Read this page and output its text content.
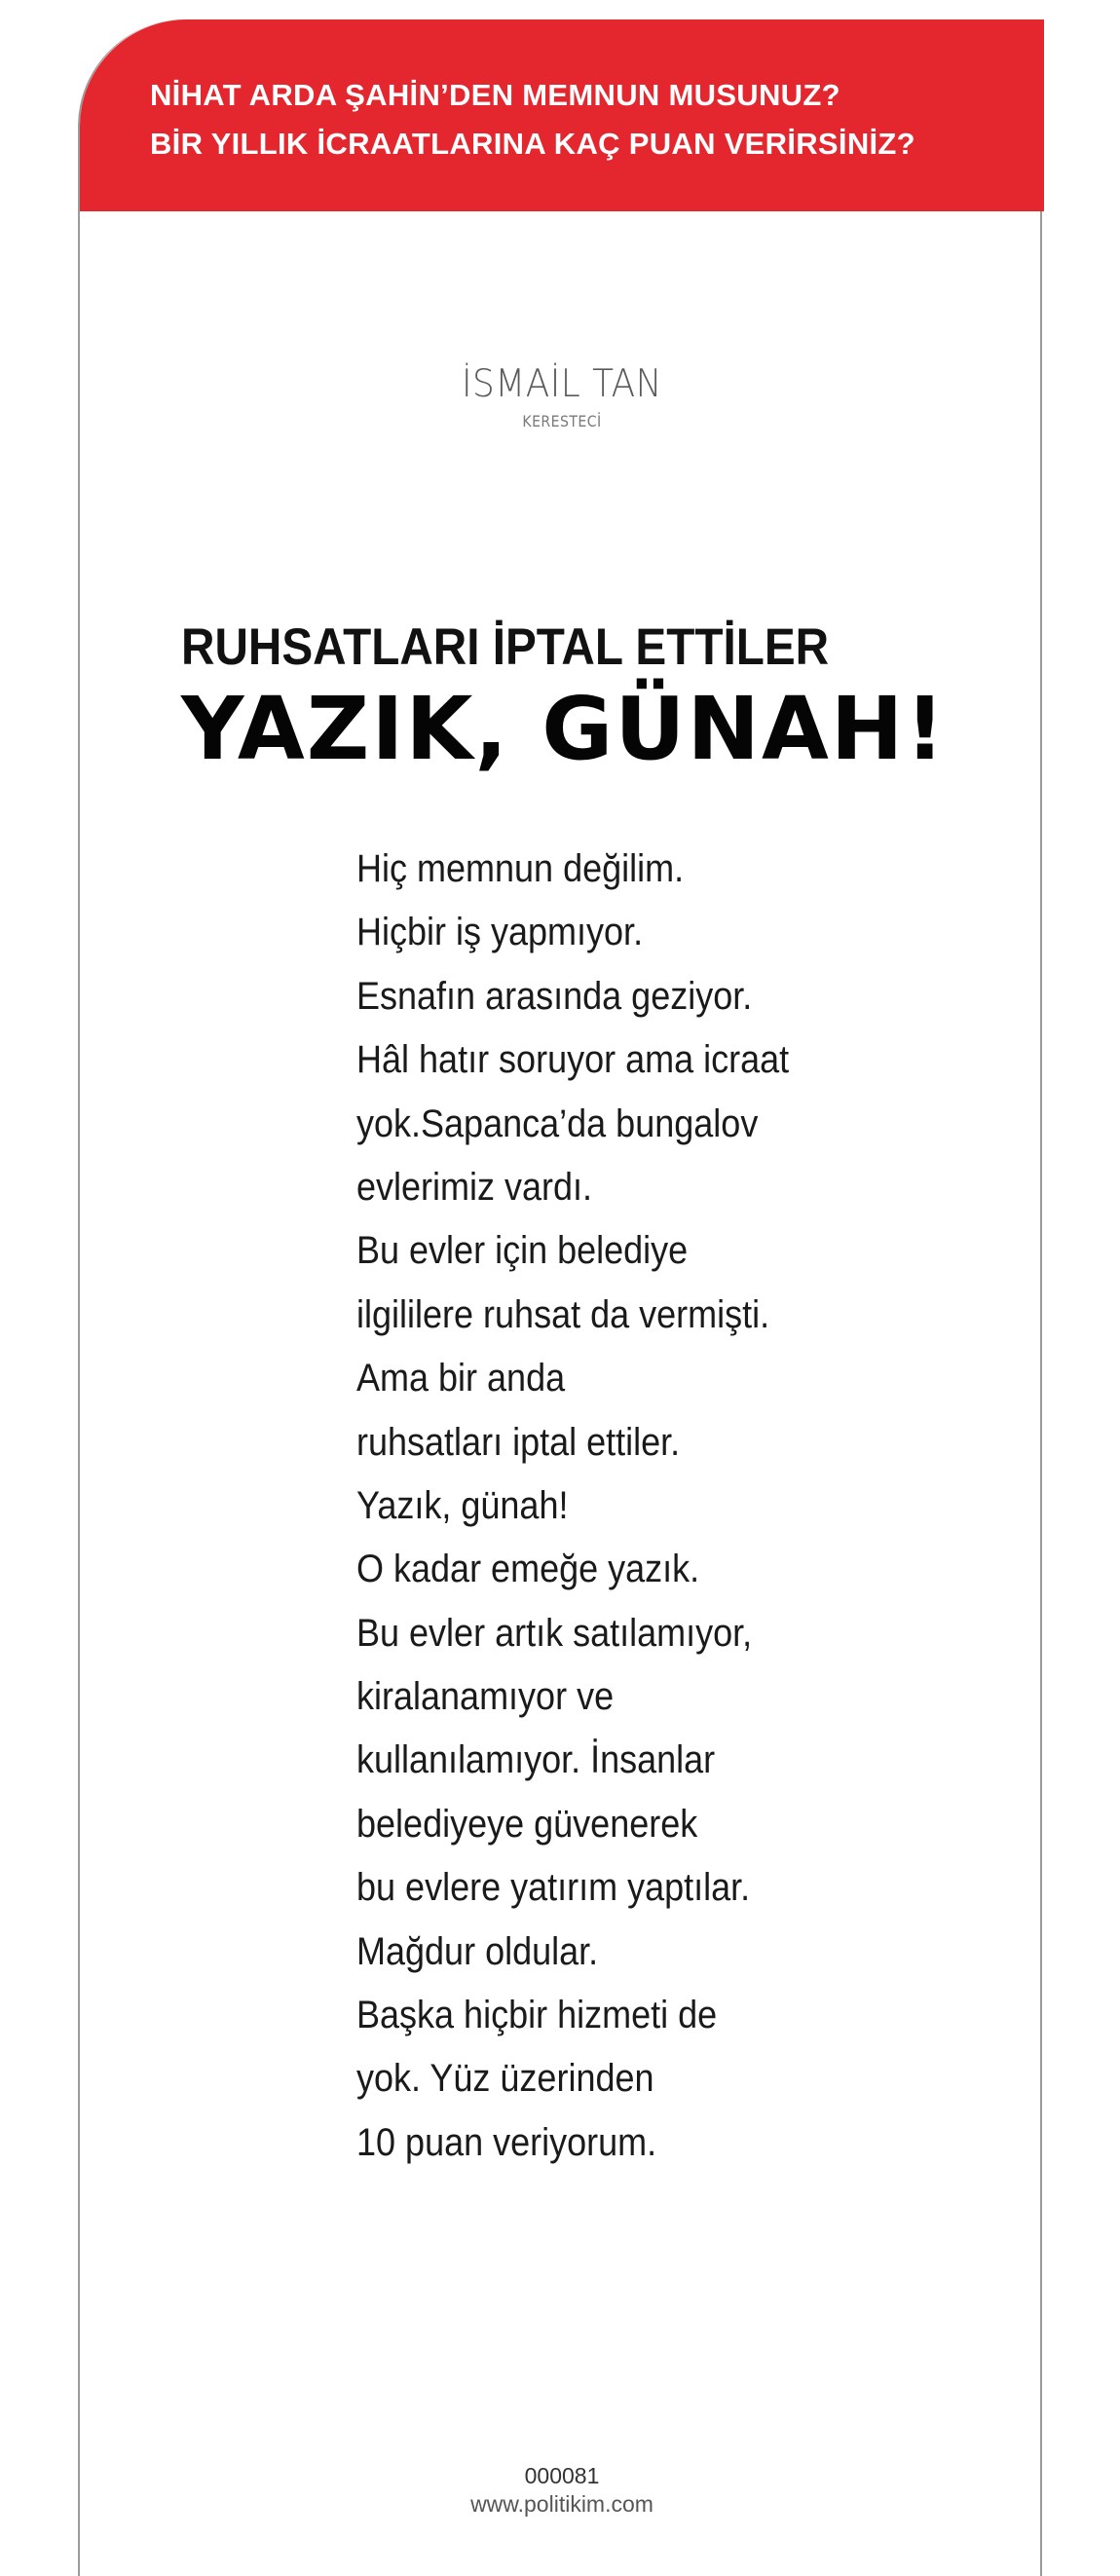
NİHAT ARDA ŞAHİN’DEN MEMNUN MUSUNUZ?
BİR YILLIK İCRAATLARINA KAÇ PUAN VERİRSİNİZ?
İSMAİL TAN
KERESTECİ
RUHSATLARI İPTAL ETTİLER
YAZIK, GÜNAH!
Hiç memnun değilim.
Hiçbir iş yapmıyor.
Esnafın arasında geziyor.
Hâl hatır soruyor ama icraat
yok.Sapanca’da bungalov
evlerimiz vardı.
Bu evler için belediye
ilgililere ruhsat da vermişti.
Ama bir anda
ruhsatları iptal ettiler.
Yazık, günah!
O kadar emeğe yazık.
Bu evler artık satılamıyor,
kiralanamıyor ve
kullanılamıyor. İnsanlar
belediyeye güvenerek
bu evlere yatırım yaptılar.
Mağdur oldular.
Başka hiçbir hizmeti de
yok. Yüz üzerinden
10 puan veriyorum.
000081
www.politikim.com
